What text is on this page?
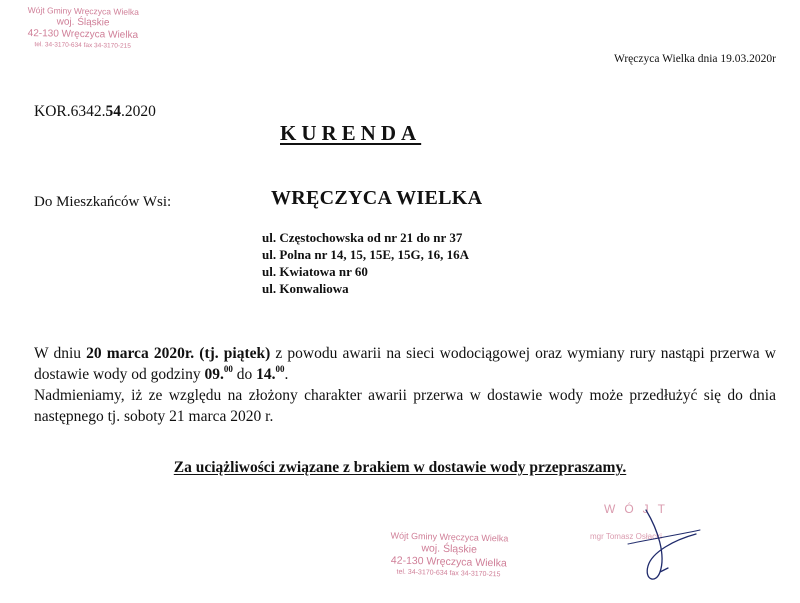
Wójt Gminy Wręczyca Wielka
woj. Śląskie
42-130 Wręczyca Wielka
tel. 34-3170-634 fax 34-3170-215
Wręczyca Wielka dnia 19.03.2020r
KOR.6342.54.2020
KURENDA
Do Mieszkańców Wsi:	WRĘCZYCA WIELKA
ul. Częstochowska od nr 21 do nr 37
ul. Polna nr 14, 15, 15E, 15G, 16, 16A
ul. Kwiatowa nr 60
ul. Konwaliowa

W dniu 20 marca 2020r. (tj. piątek) z powodu awarii na sieci wodociągowej oraz wymiany rury nastąpi przerwa w dostawie wody od godziny 09.00 do 14.00.

Nadmieniamy, iż ze względu na złożony charakter awarii przerwa w dostawie wody może przedłużyć się do dnia następnego tj. soboty 21 marca 2020 r.

Za uciążliwości związane z brakiem w dostawie wody przepraszamy.
Wójt Gminy Wręczyca Wielka
woj. Śląskie
42-130 Wręczyca Wielka
tel. 34-3170-634 fax 34-3170-215
WÓJT
mgr Tomasz Osłacki
